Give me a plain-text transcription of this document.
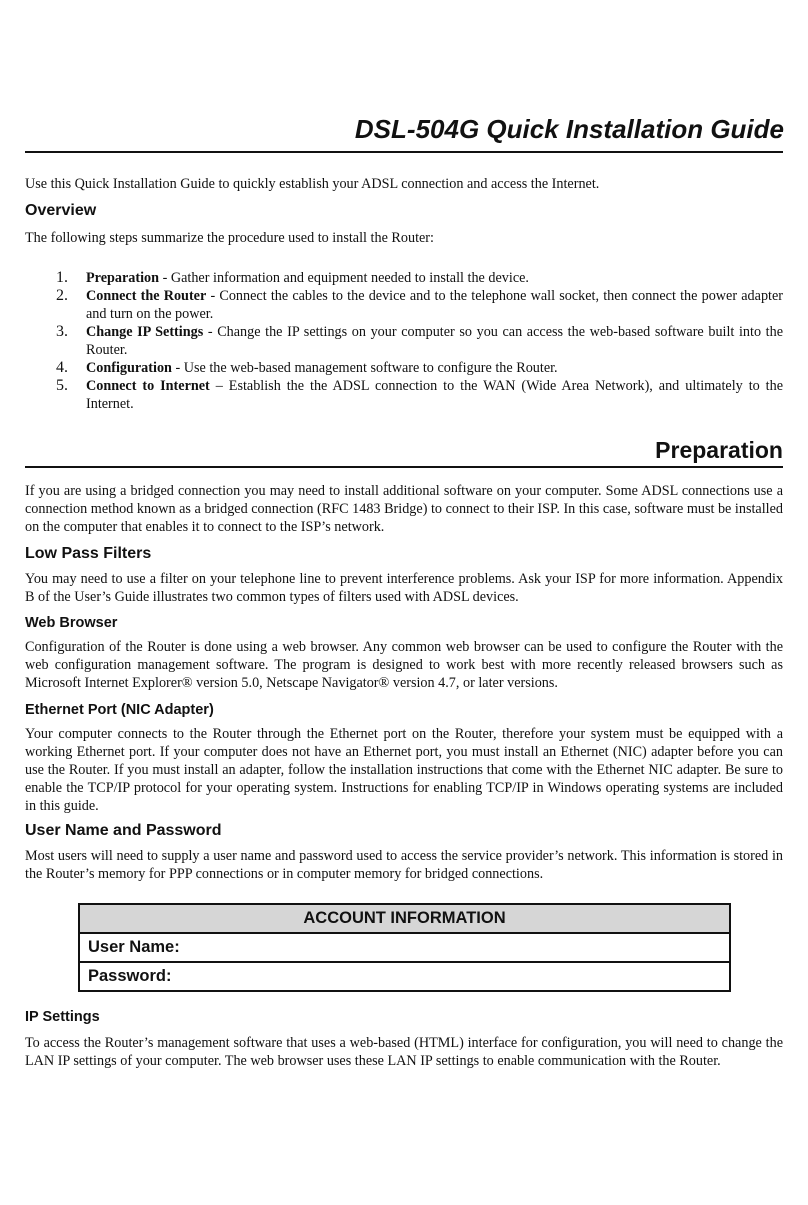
DSL-504G Quick Installation Guide

Use this Quick Installation Guide to quickly establish your ADSL connection and access the Internet.

Overview

The following steps summarize the procedure used to install the Router:

1. Preparation - Gather information and equipment needed to install the device.
2. Connect the Router - Connect the cables to the device and to the telephone wall socket, then connect the power adapter and turn on the power.
3. Change IP Settings - Change the IP settings on your computer so you can access the web-based software built into the Router.
4. Configuration - Use the web-based management software to configure the Router.
5. Connect to Internet – Establish the the ADSL connection to the WAN (Wide Area Network), and ultimately to the Internet.
Preparation

If you are using a bridged connection you may need to install additional software on your computer. Some ADSL connections use a connection method known as a bridged connection (RFC 1483 Bridge) to connect to their ISP. In this case, software must be installed on the computer that enables it to connect to the ISP’s network.

Low Pass Filters

You may need to use a filter on your telephone line to prevent interference problems. Ask your ISP for more information. Appendix B of the User’s Guide illustrates two common types of filters used with ADSL devices.

Web Browser

Configuration of the Router is done using a web browser. Any common web browser can be used to configure the Router with the web configuration management software. The program is designed to work best with more recently released browsers such as Microsoft Internet Explorer® version 5.0, Netscape Navigator® version 4.7, or later versions.

Ethernet Port (NIC Adapter)

Your computer connects to the Router through the Ethernet port on the Router, therefore your system must be equipped with a working Ethernet port. If your computer does not have an Ethernet port, you must install an Ethernet (NIC) adapter before you can use the Router. If you must install an adapter, follow the installation instructions that come with the Ethernet NIC adapter. Be sure to enable the TCP/IP protocol for your operating system. Instructions for enabling TCP/IP in Windows operating systems are included in this guide.

User Name and Password

Most users will need to supply a user name and password used to access the service provider’s network. This information is stored in the Router’s memory for PPP connections or in computer memory for bridged connections.

ACCOUNT INFORMATION
User Name:
Password:
IP Settings

To access the Router’s management software that uses a web-based (HTML) interface for configuration, you will need to change the LAN IP settings of your computer. The web browser uses these LAN IP settings to enable communication with the Router.
